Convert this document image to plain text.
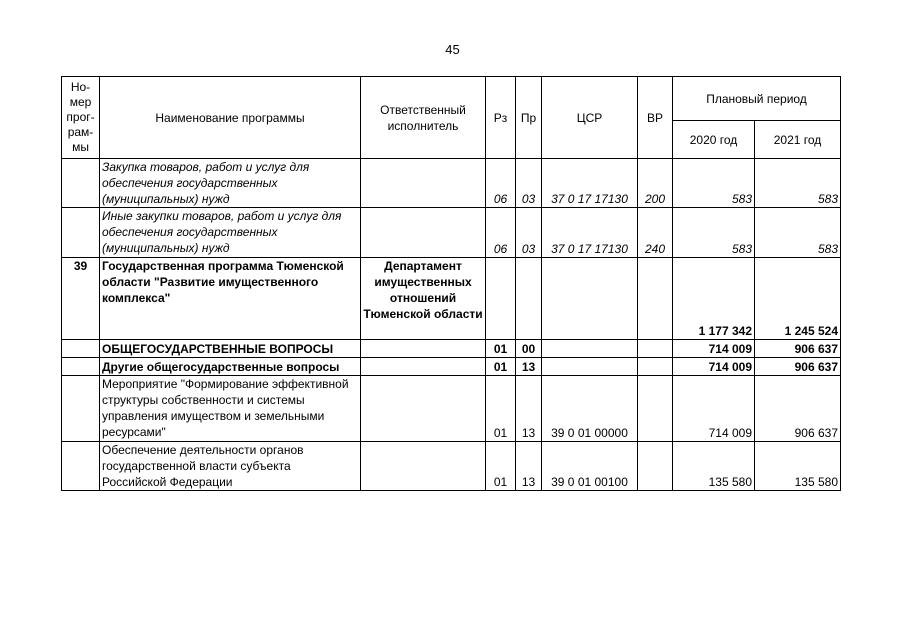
45
Но-мер прог-рам-мы	Наименование программы	Ответственный исполнитель	Рз	Пр	ЦСР	ВР	Плановый период	
							2020 год	2021 год
	Закупка товаров, работ и услуг для обеспечения государственных (муниципальных) нужд		06	03	37 0 17 17130	200	583	583
	Иные закупки товаров, работ и услуг для обеспечения государственных (муниципальных) нужд		06	03	37 0 17 17130	240	583	583
39	Государственная программа Тюменской области "Развитие имущественного комплекса"	Департамент имущественных отношений Тюменской области					1 177 342	1 245 524
	ОБЩЕГОСУДАРСТВЕННЫЕ ВОПРОСЫ		01	00			714 009	906 637
	Другие общегосударственные вопросы		01	13			714 009	906 637
	Мероприятие "Формирование эффективной структуры собственности и системы управления имуществом и земельными ресурсами"		01	13	39 0 01 00000		714 009	906 637
	Обеспечение деятельности органов государственной власти субъекта Российской Федерации		01	13	39 0 01 00100		135 580	135 580
